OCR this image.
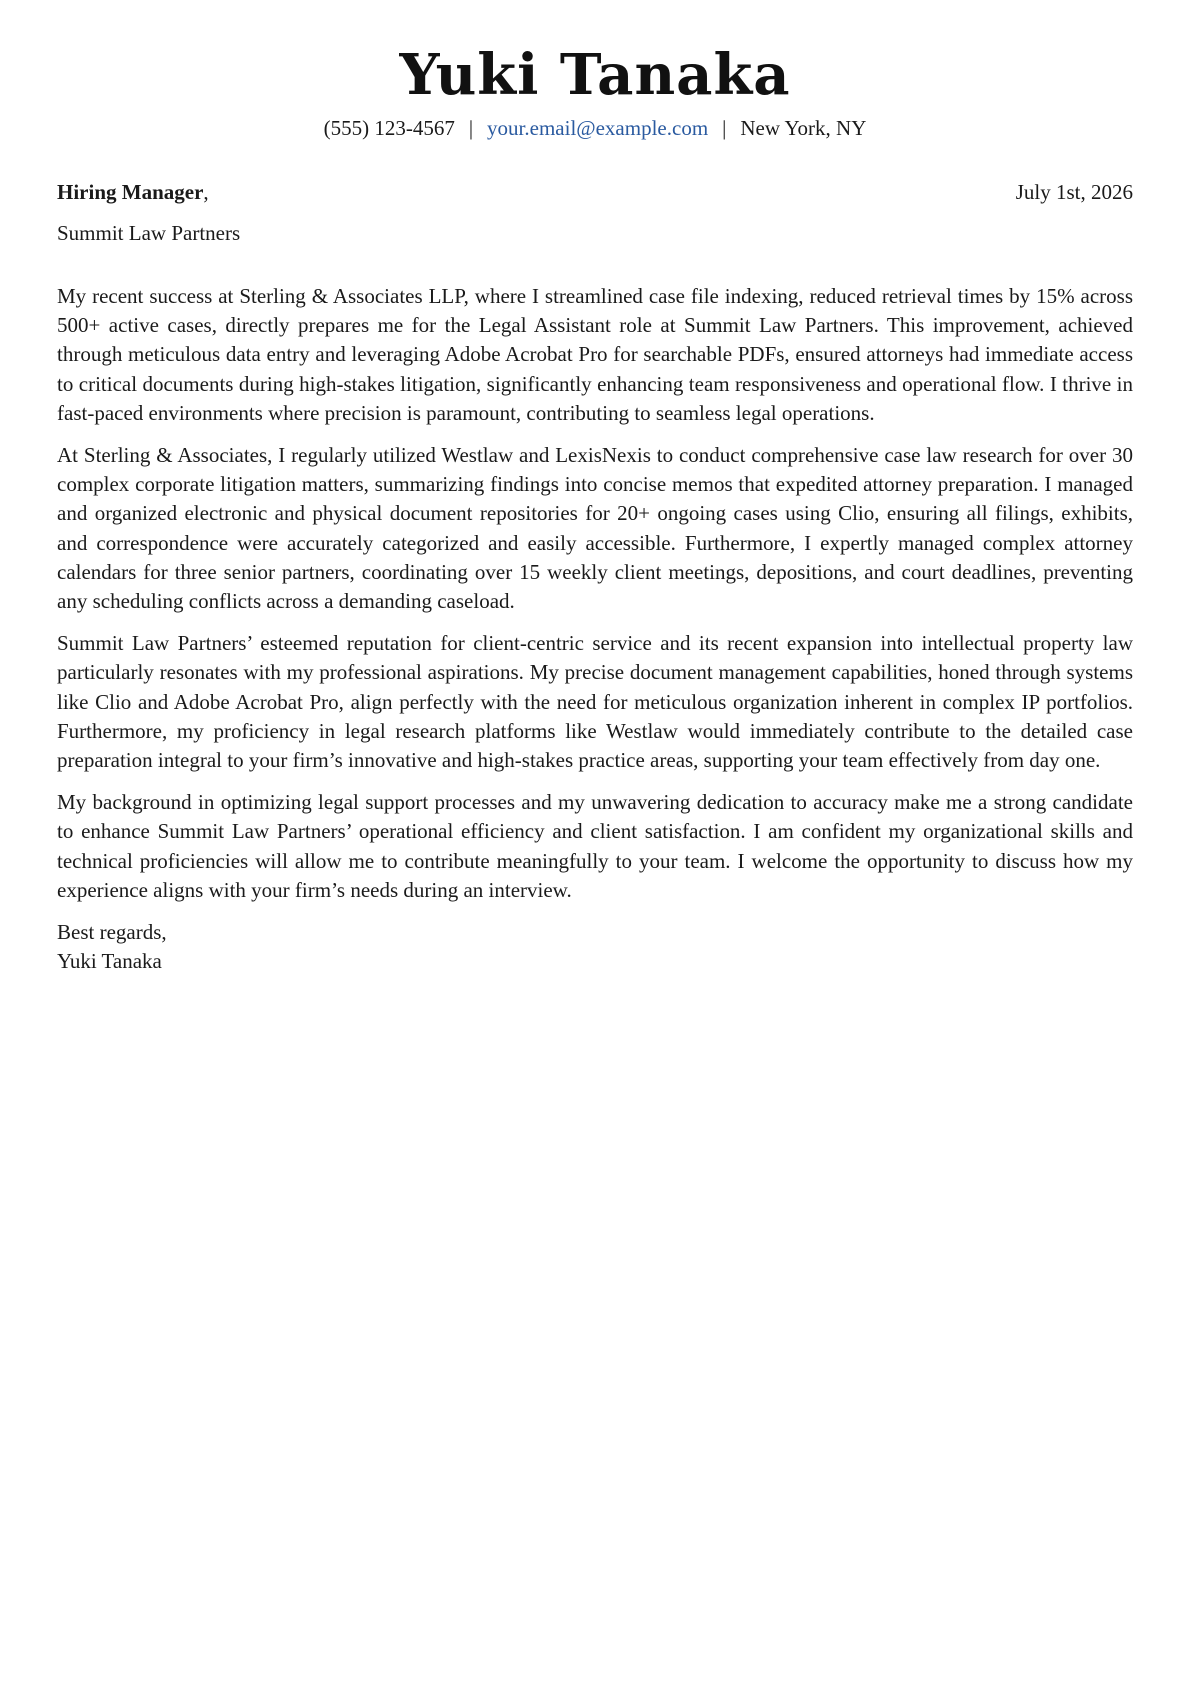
Yuki Tanaka
(555) 123-4567 | your.email@example.com | New York, NY
Hiring Manager,	July 1st, 2026
Summit Law Partners

My recent success at Sterling & Associates LLP, where I streamlined case file indexing, reduced retrieval times by 15% across 500+ active cases, directly prepares me for the Legal Assistant role at Summit Law Partners. This improvement, achieved through meticulous data entry and leveraging Adobe Acrobat Pro for searchable PDFs, ensured attorneys had immediate access to critical documents during high-stakes litigation, significantly enhancing team responsiveness and operational flow. I thrive in fast-paced environments where precision is paramount, contributing to seamless legal operations.

At Sterling & Associates, I regularly utilized Westlaw and LexisNexis to conduct comprehensive case law research for over 30 complex corporate litigation matters, summarizing findings into concise memos that expedited attorney preparation. I managed and organized electronic and physical document repositories for 20+ ongoing cases using Clio, ensuring all filings, exhibits, and correspondence were accurately categorized and easily accessible. Furthermore, I expertly managed complex attorney calendars for three senior partners, coordinating over 15 weekly client meetings, depositions, and court deadlines, preventing any scheduling conflicts across a demanding caseload.

Summit Law Partners’ esteemed reputation for client-centric service and its recent expansion into intellectual property law particularly resonates with my professional aspirations. My precise document management capabilities, honed through systems like Clio and Adobe Acrobat Pro, align perfectly with the need for meticulous organization inherent in complex IP portfolios. Furthermore, my proficiency in legal research platforms like Westlaw would immediately contribute to the detailed case preparation integral to your firm’s innovative and high-stakes practice areas, supporting your team effectively from day one.

My background in optimizing legal support processes and my unwavering dedication to accuracy make me a strong candidate to enhance Summit Law Partners’ operational efficiency and client satisfaction. I am confident my organizational skills and technical proficiencies will allow me to contribute meaningfully to your team. I welcome the opportunity to discuss how my experience aligns with your firm’s needs during an interview.

Best regards,
Yuki Tanaka
